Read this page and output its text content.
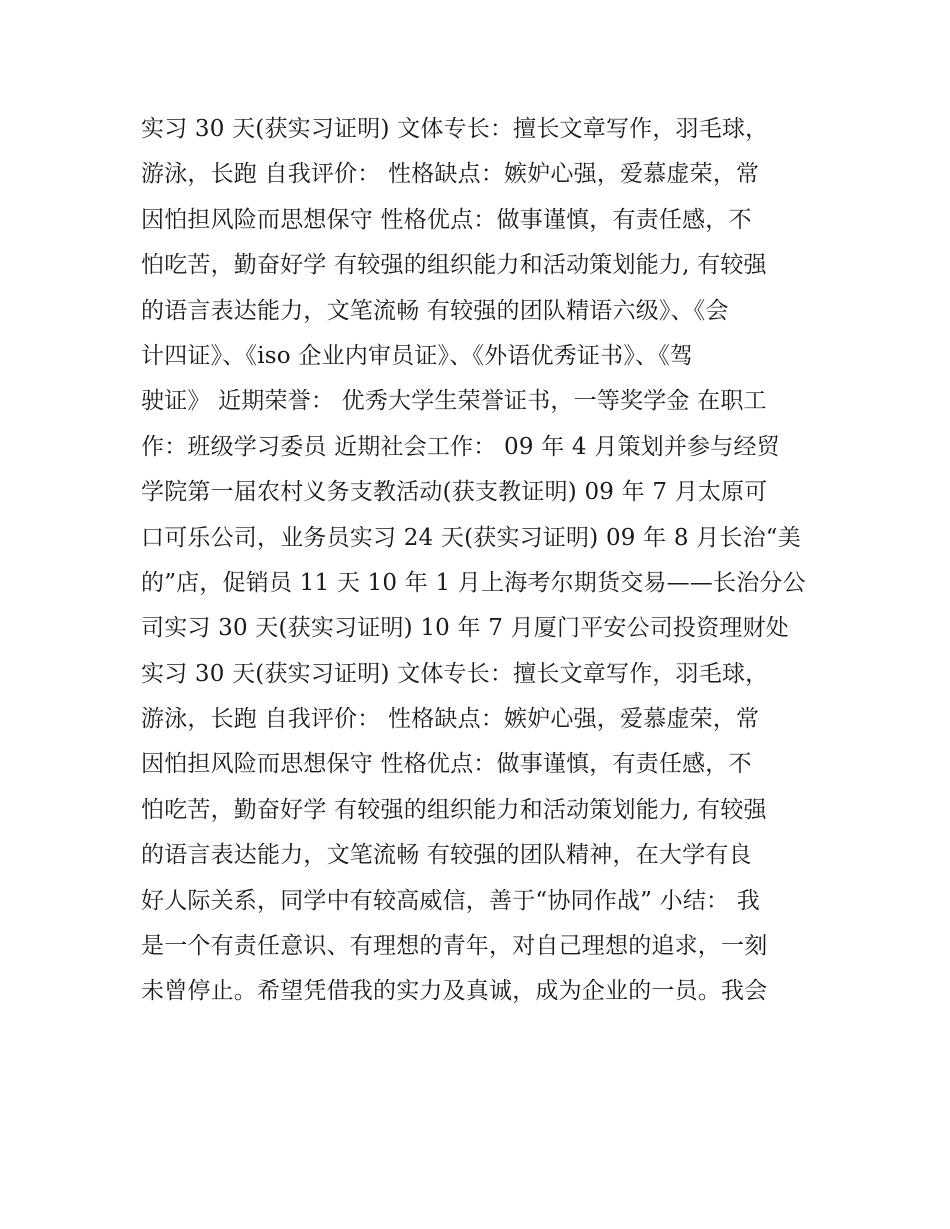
实习 30 天(获实习证明) 文体专长：擅长文章写作，羽毛球，
游泳，长跑 自我评价： 性格缺点：嫉妒心强，爱慕虚荣，常
因怕担风险而思想保守 性格优点：做事谨慎，有责任感，不
怕吃苦，勤奋好学 有较强的组织能力和活动策划能力, 有较强
的语言表达能力，文笔流畅 有较强的团队精语六级》、《会
计四证》、《iso 企业内审员证》、《外语优秀证书》、《驾
驶证》 近期荣誉： 优秀大学生荣誉证书，一等奖学金 在职工
作：班级学习委员 近期社会工作： 09 年 4 月策划并参与经贸
学院第一届农村义务支教活动(获支教证明) 09 年 7 月太原可
口可乐公司，业务员实习 24 天(获实习证明) 09 年 8 月长治“美
的”店，促销员 11 天 10 年 1 月上海考尔期货交易——长治分公
司实习 30 天(获实习证明) 10 年 7 月厦门平安公司投资理财处
实习 30 天(获实习证明) 文体专长：擅长文章写作，羽毛球，
游泳，长跑 自我评价： 性格缺点：嫉妒心强，爱慕虚荣，常
因怕担风险而思想保守 性格优点：做事谨慎，有责任感，不
怕吃苦，勤奋好学 有较强的组织能力和活动策划能力, 有较强
的语言表达能力，文笔流畅 有较强的团队精神，在大学有良
好人际关系，同学中有较高威信，善于“协同作战” 小结： 我
是一个有责任意识、有理想的青年，对自己理想的追求，一刻
未曾停止。希望凭借我的实力及真诚，成为企业的一员。我会
